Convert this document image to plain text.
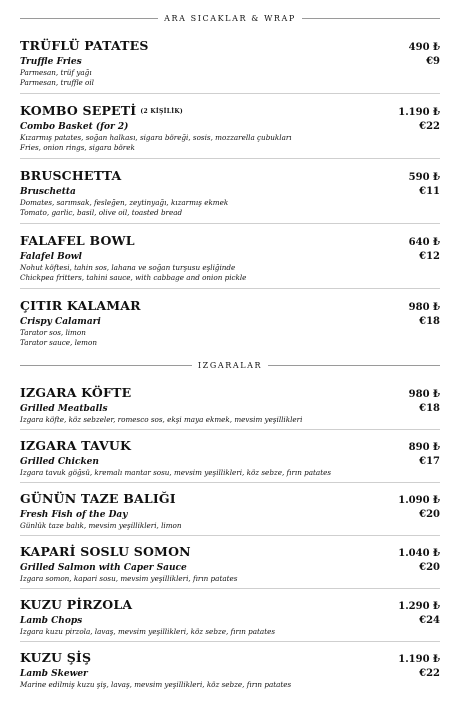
ARA SICAKLAR & WRAP
TRÜFLÜ PATATES	490 ₺
Truffle Fries	€9
Parmesan, trüf yağı
Parmesan, truffle oil
KOMBO SEPETİ (2 KİŞİLİK)	1.190 ₺
Combo Basket (for 2)	€22
Kızarmış patates, soğan halkası, sigara böreği, sosis, mozzarella çubukları
Fries, onion rings, sigara börek
BRUSCHETTA	590 ₺
Bruschetta	€11
Domates, sarımsak, fesleğen, zeytinyağı, kızarmış ekmek
Tomato, garlic, basil, olive oil, toasted bread
FALAFEL BOWL	640 ₺
Falafel Bowl	€12
Nohut köftesi, tahin sos, lahana ve soğan turşusu eşliğinde
Chickpea fritters, tahini sauce, with cabbage and onion pickle
ÇITIR KALAMAR	980 ₺
Crispy Calamari	€18
Tarator sos, limon
Tarator sauce, lemon
IZGARALAR
IZGARA KÖFTE	980 ₺
Grilled Meatballs	€18
Izgara köfte, köz sebzeler, romesco sos, ekşi maya ekmek, mevsim yeşillikleri
IZGARA TAVUK	890 ₺
Grilled Chicken	€17
Izgara tavuk göğsü, kremalı mantar sosu, mevsim yeşillikleri, köz sebze, fırın patates
GÜNÜN TAZE BALIĞI	1.090 ₺
Fresh Fish of the Day	€20
Günlük taze balık, mevsim yeşillikleri, limon
KAPARİ SOSLU SOMON	1.040 ₺
Grilled Salmon with Caper Sauce	€20
Izgara somon, kapari sosu, mevsim yeşillikleri, fırın patates
KUZU PİRZOLA	1.290 ₺
Lamb Chops	€24
Izgara kuzu pirzola, lavaş, mevsim yeşillikleri, köz sebze, fırın patates
KUZU ŞİŞ	1.190 ₺
Lamb Skewer	€22
Marine edilmiş kuzu şiş, lavaş, mevsim yeşillikleri, köz sebze, fırın patates
